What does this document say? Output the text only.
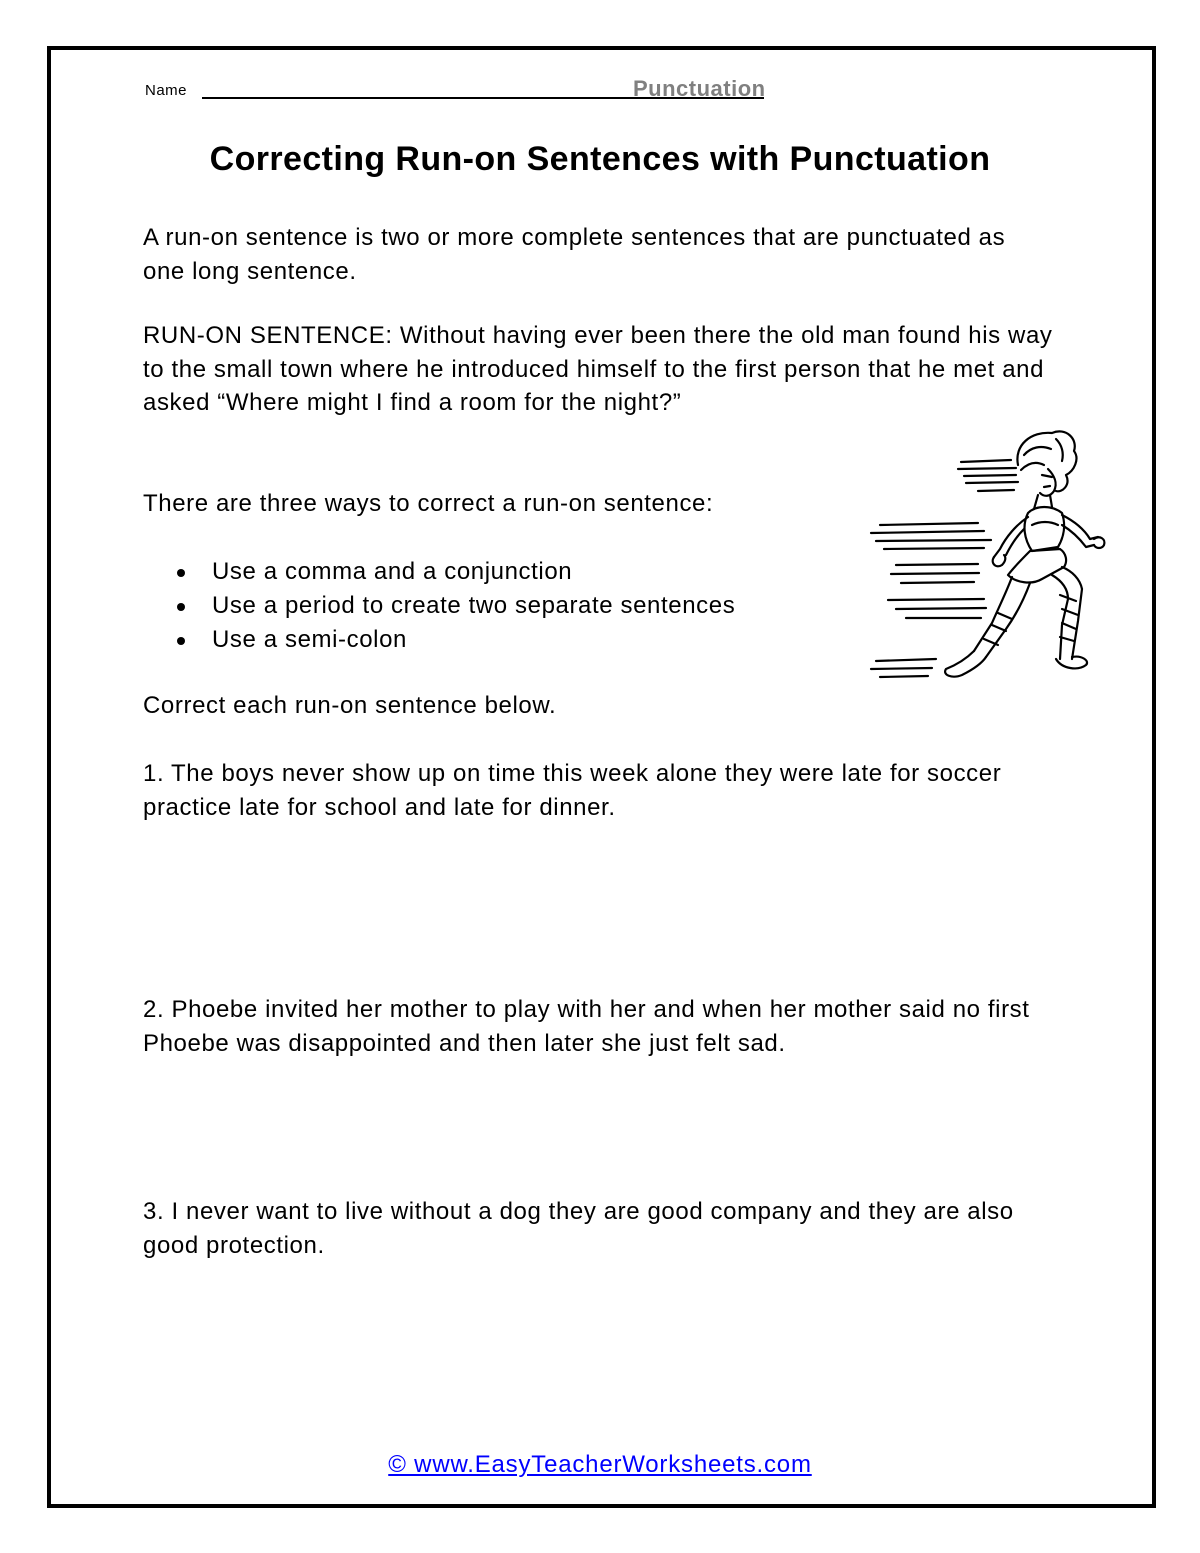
Name	Punctuation
Correcting Run-on Sentences with Punctuation

A run-on sentence is two or more complete sentences that are punctuated as one long sentence.

RUN-ON SENTENCE: Without having ever been there the old man found his way to the small town where he introduced himself to the first person that he met and asked “Where might I find a room for the night?”

There are three ways to correct a run-on sentence:

Use a comma and a conjunction
Use a period to create two separate sentences
Use a semi-colon

Correct each run-on sentence below.

1. The boys never show up on time this week alone they were late for soccer practice late for school and late for dinner.

2. Phoebe invited her mother to play with her and when her mother said no first Phoebe was disappointed and then later she just felt sad.

3. I never want to live without a dog they are good company and they are also good protection.

© www.EasyTeacherWorksheets.com
